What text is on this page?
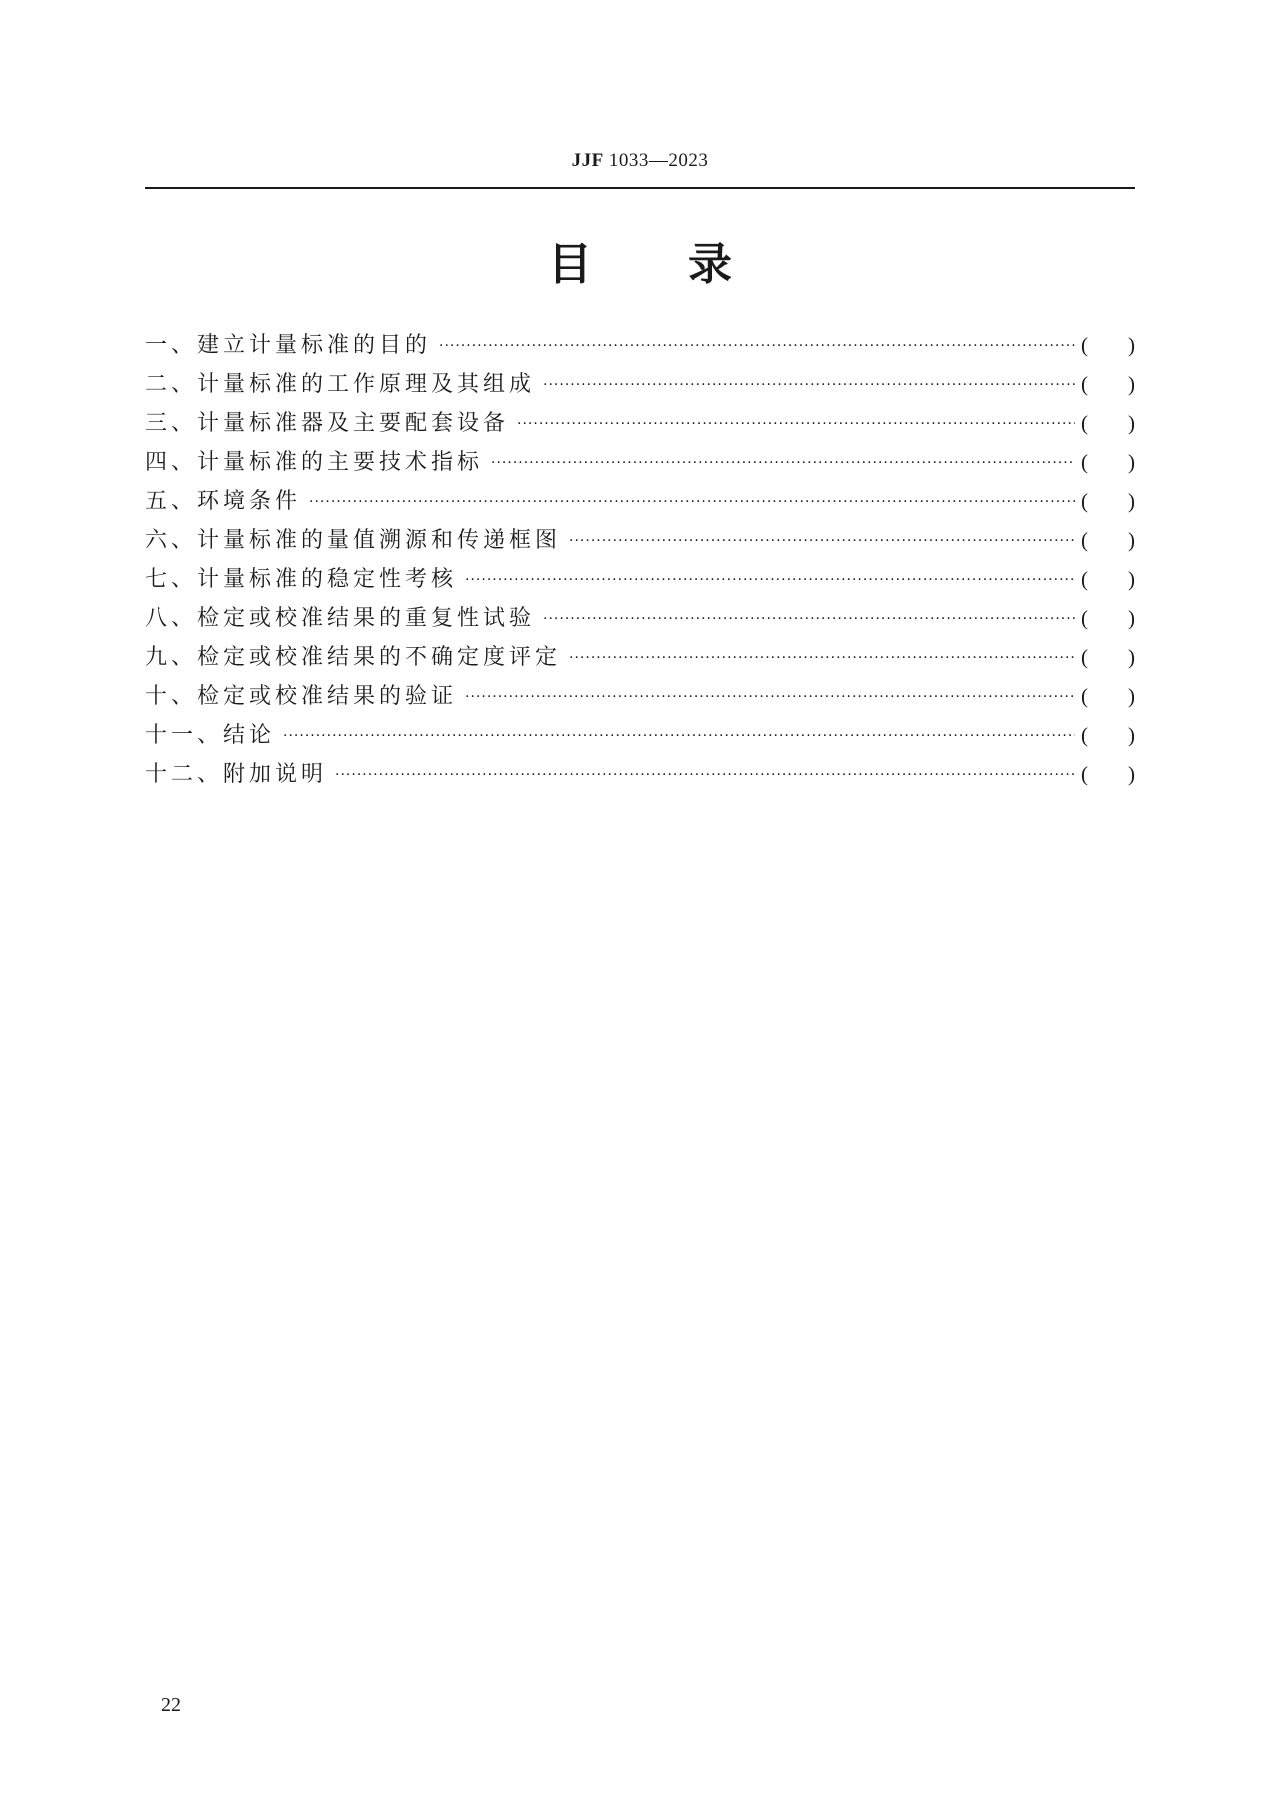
JJF 1033—2023
目 录
一、建立计量标准的目的 ·····	( )
二、计量标准的工作原理及其组成 ·····	( )
三、计量标准器及主要配套设备 ·····	( )
四、计量标准的主要技术指标 ·····	( )
五、环境条件 ·····	( )
六、计量标准的量值溯源和传递框图 ·····	( )
七、计量标准的稳定性考核 ·····	( )
八、检定或校准结果的重复性试验 ·····	( )
九、检定或校准结果的不确定度评定 ·····	( )
十、检定或校准结果的验证 ·····	( )
十一、结论 ·····	( )
十二、附加说明 ·····	( )
22
